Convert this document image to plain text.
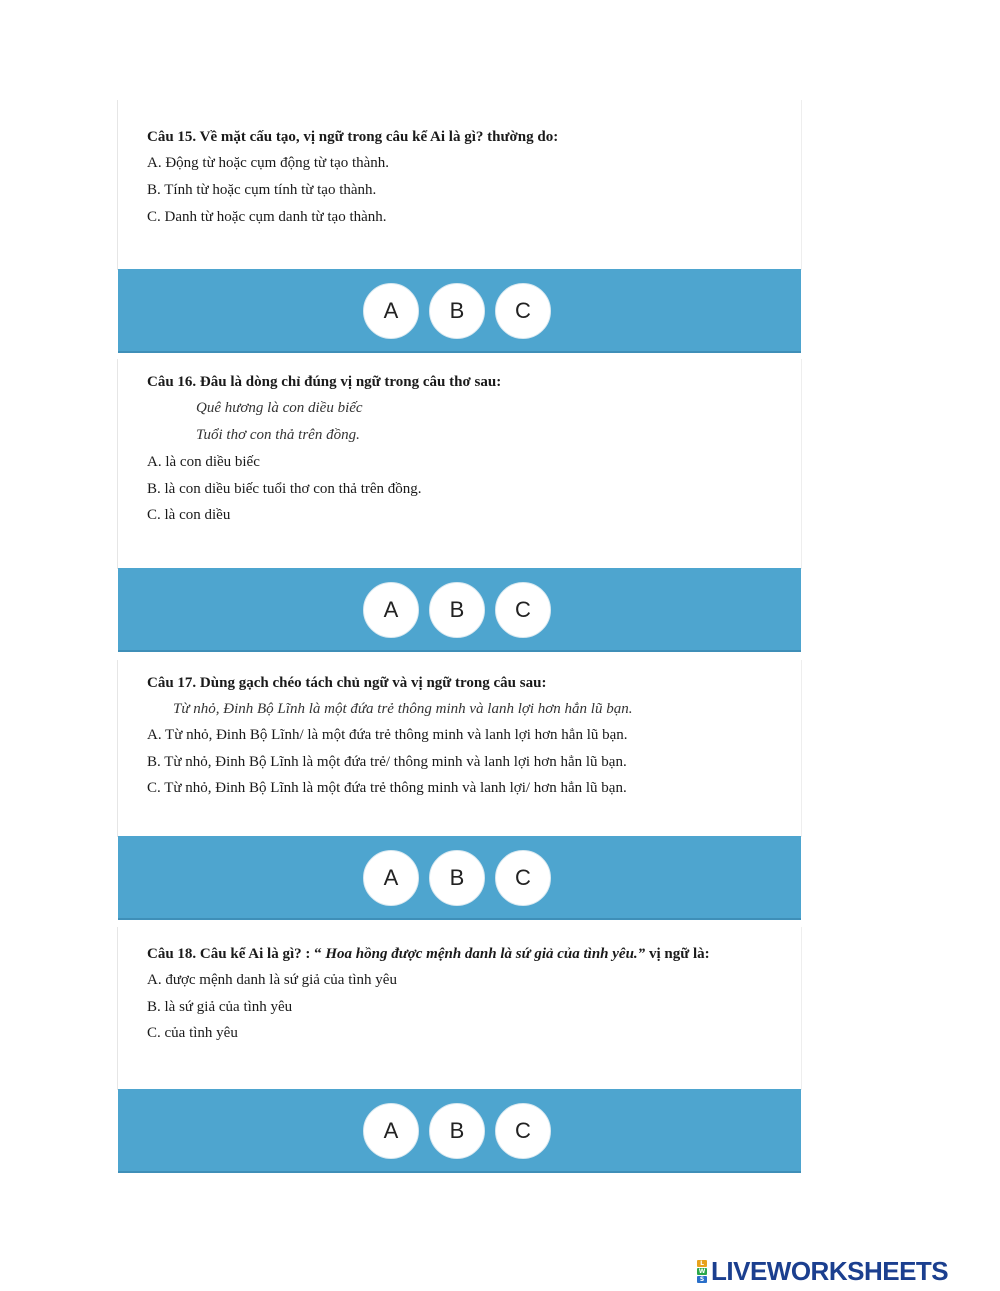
Câu 15. Về mặt cấu tạo, vị ngữ trong câu kể Ai là gì? thường do:
A. Động từ hoặc cụm động từ tạo thành.
B. Tính từ hoặc cụm tính từ tạo thành.
C. Danh từ hoặc cụm danh từ tạo thành.
A	B	C
Câu 16. Đâu là dòng chỉ đúng vị ngữ trong câu thơ sau:
Quê hương là con diều biếc
Tuổi thơ con thả trên đồng.
A. là con diều biếc
B. là con diều biếc tuổi thơ con thả trên đồng.
C. là con diều
A	B	C
Câu 17. Dùng gạch chéo tách chủ ngữ và vị ngữ trong câu sau:
Từ nhỏ, Đinh Bộ Lĩnh là một đứa trẻ thông minh và lanh lợi hơn hẳn lũ bạn.
A. Từ nhỏ, Đinh Bộ Lĩnh/ là một đứa trẻ thông minh và lanh lợi hơn hẳn lũ bạn.
B. Từ nhỏ, Đinh Bộ Lĩnh là một đứa trẻ/ thông minh và lanh lợi hơn hẳn lũ bạn.
C. Từ nhỏ, Đinh Bộ Lĩnh là một đứa trẻ thông minh và lanh lợi/ hơn hẳn lũ bạn.
A	B	C
Câu 18. Câu kể Ai là gì? : “ Hoa hồng được mệnh danh là sứ giả của tình yêu.” vị ngữ là:
A. được mệnh danh là sứ giả của tình yêu
B. là sứ giả của tình yêu
C. của tình yêu
A	B	C
L
W
S LIVEWORKSHEETS
